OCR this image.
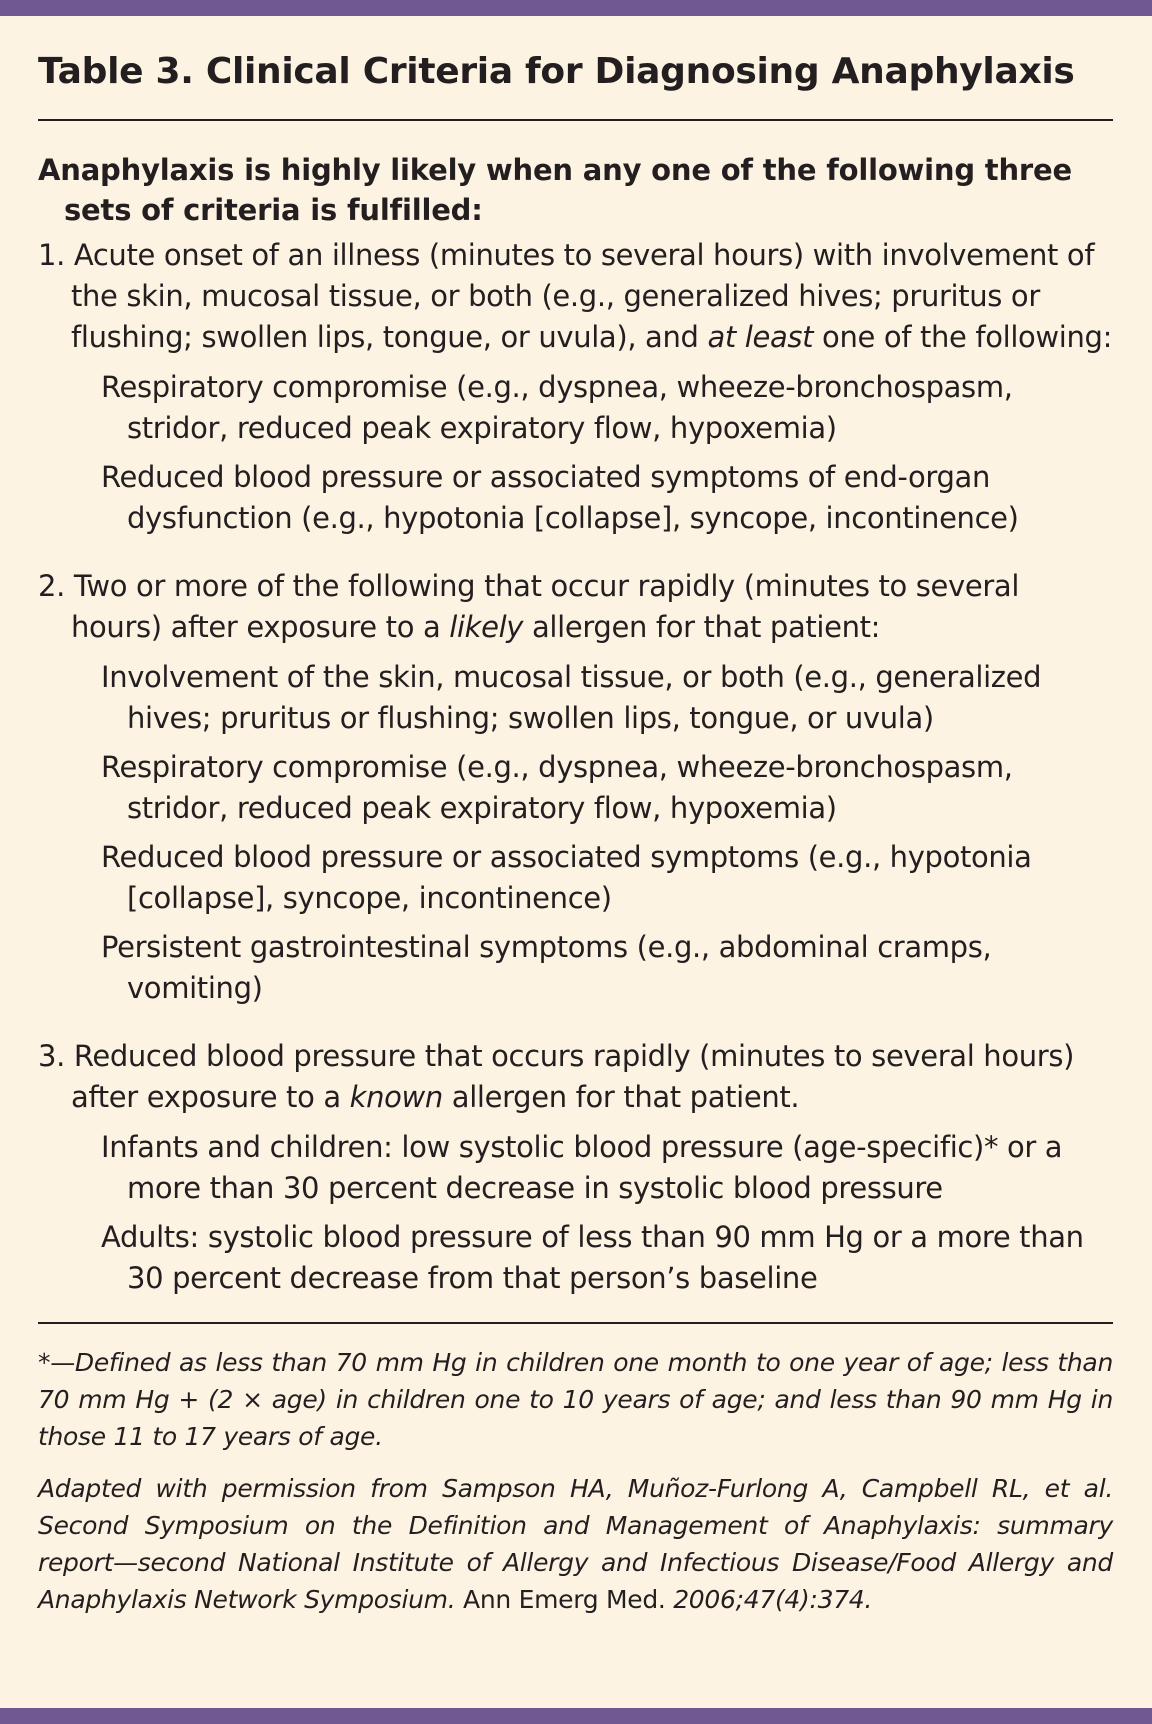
Table 3. Clinical Criteria for Diagnosing Anaphylaxis
Anaphylaxis is highly likely when any one of the following three sets of criteria is fulfilled:
1. Acute onset of an illness (minutes to several hours) with involvement of the skin, mucosal tissue, or both (e.g., generalized hives; pruritus or flushing; swollen lips, tongue, or uvula), and at least one of the following:
Respiratory compromise (e.g., dyspnea, wheeze-bronchospasm, stridor, reduced peak expiratory flow, hypoxemia)
Reduced blood pressure or associated symptoms of end-organ dysfunction (e.g., hypotonia [collapse], syncope, incontinence)
2. Two or more of the following that occur rapidly (minutes to several hours) after exposure to a likely allergen for that patient:
Involvement of the skin, mucosal tissue, or both (e.g., generalized hives; pruritus or flushing; swollen lips, tongue, or uvula)
Respiratory compromise (e.g., dyspnea, wheeze-bronchospasm, stridor, reduced peak expiratory flow, hypoxemia)
Reduced blood pressure or associated symptoms (e.g., hypotonia [collapse], syncope, incontinence)
Persistent gastrointestinal symptoms (e.g., abdominal cramps, vomiting)
3. Reduced blood pressure that occurs rapidly (minutes to several hours) after exposure to a known allergen for that patient.
Infants and children: low systolic blood pressure (age-specific)* or a more than 30 percent decrease in systolic blood pressure
Adults: systolic blood pressure of less than 90 mm Hg or a more than 30 percent decrease from that person’s baseline
*—Defined as less than 70 mm Hg in children one month to one year of age; less than 70 mm Hg + (2 × age) in children one to 10 years of age; and less than 90 mm Hg in those 11 to 17 years of age.
Adapted with permission from Sampson HA, Muñoz-Furlong A, Campbell RL, et al. Second Symposium on the Definition and Management of Anaphylaxis: summary report—second National Institute of Allergy and Infectious Disease/Food Allergy and Anaphylaxis Network Symposium. Ann Emerg Med. 2006;47(4):374.
